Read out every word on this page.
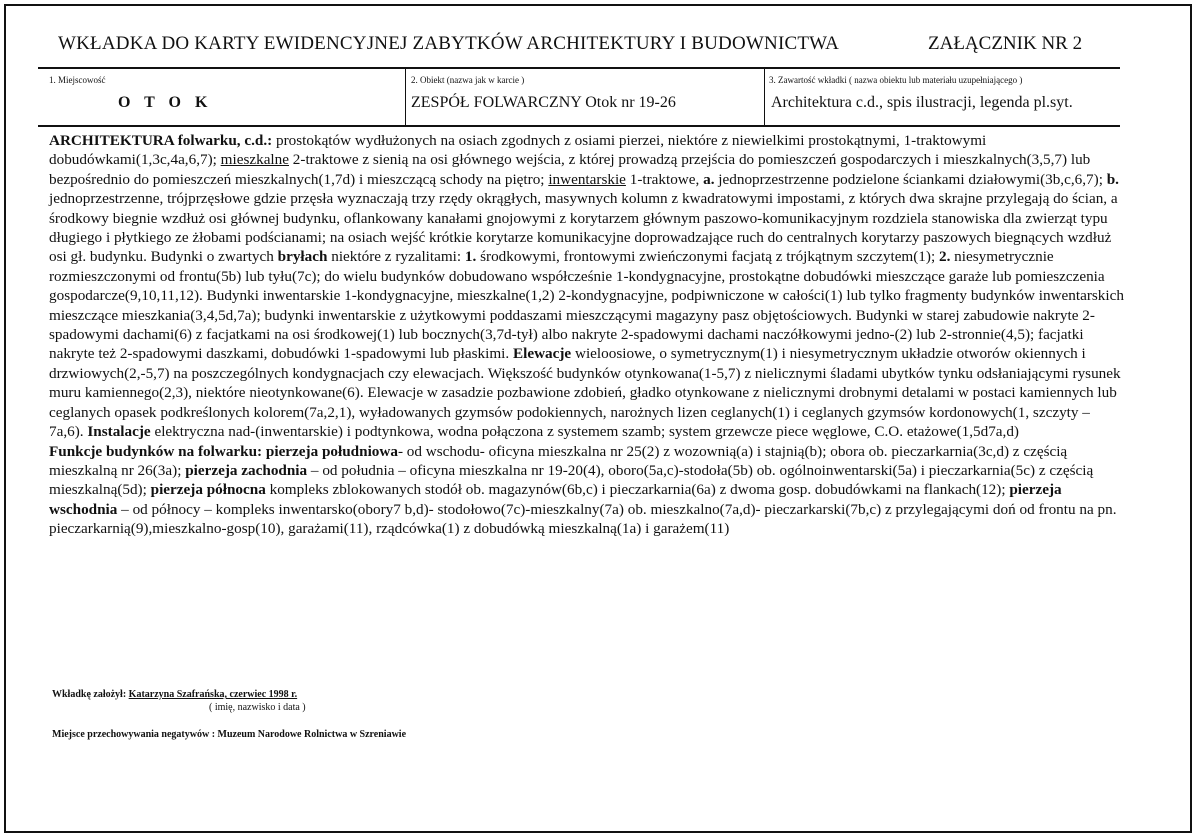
WKŁADKA DO KARTY EWIDENCYJNEJ ZABYTKÓW ARCHITEKTURY I BUDOWNICTWA	ZAŁĄCZNIK NR 2
1. Miejscowość
O T O K
2. Obiekt (nazwa jak w karcie )
ZESPÓŁ FOLWARCZNY Otok nr 19-26
3. Zawartość wkładki ( nazwa obiektu lub materiału uzupełniającego )
Architektura c.d., spis ilustracji, legenda pl.syt.

ARCHITEKTURA folwarku, c.d.: prostokątów wydłużonych na osiach zgodnych z osiami pierzei, niektóre z niewielkimi prostokątnymi, 1-traktowymi dobudówkami(1,3c,4a,6,7); mieszkalne 2-traktowe z sienią na osi głównego wejścia, z której prowadzą przejścia do pomieszczeń gospodarczych i mieszkalnych(3,5,7) lub bezpośrednio do pomieszczeń mieszkalnych(1,7d) i mieszczącą schody na piętro; inwentarskie 1-traktowe, a. jednoprzestrzenne podzielone ściankami działowymi(3b,c,6,7); b. jednoprzestrzenne, trójprzęsłowe gdzie przęsła wyznaczają trzy rzędy okrągłych, masywnych kolumn z kwadratowymi impostami, z których dwa skrajne przylegają do ścian, a środkowy biegnie wzdłuż osi głównej budynku, oflankowany kanałami gnojowymi z korytarzem głównym paszowo-komunikacyjnym rozdziela stanowiska dla zwierząt typu długiego i płytkiego ze żłobami podścianami; na osiach wejść krótkie korytarze komunikacyjne doprowadzające ruch do centralnych korytarzy paszowych biegnących wzdłuż osi gł. budynku. Budynki o zwartych bryłach niektóre z ryzalitami: 1. środkowymi, frontowymi zwieńczonymi facjatą z trójkątnym szczytem(1); 2. niesymetrycznie rozmieszczonymi od frontu(5b) lub tyłu(7c); do wielu budynków dobudowano współcześnie 1-kondygnacyjne, prostokątne dobudówki mieszczące garaże lub pomieszczenia gospodarcze(9,10,11,12). Budynki inwentarskie 1-kondygnacyjne, mieszkalne(1,2) 2-kondygnacyjne, podpiwniczone w całości(1) lub tylko fragmenty budynków inwentarskich mieszczące mieszkania(3,4,5d,7a); budynki inwentarskie z użytkowymi poddaszami mieszczącymi magazyny pasz objętościowych. Budynki w starej zabudowie nakryte 2-spadowymi dachami(6) z facjatkami na osi środkowej(1) lub bocznych(3,7d-tył) albo nakryte 2-spadowymi dachami naczółkowymi jedno-(2) lub 2-stronnie(4,5); facjatki nakryte też 2-spadowymi daszkami, dobudówki 1-spadowymi lub płaskimi. Elewacje wieloosiowe, o symetrycznym(1) i niesymetrycznym układzie otworów okiennych i drzwiowych(2,-5,7) na poszczególnych kondygnacjach czy elewacjach. Większość budynków otynkowana(1-5,7) z nielicznymi śladami ubytków tynku odsłaniającymi rysunek muru kamiennego(2,3), niektóre nieotynkowane(6). Elewacje w zasadzie pozbawione zdobień, gładko otynkowane z nielicznymi drobnymi detalami w postaci kamiennych lub ceglanych opasek podkreślonych kolorem(7a,2,1), wyładowanych gzymsów podokiennych, narożnych lizen ceglanych(1) i ceglanych gzymsów kordonowych(1, szczyty –7a,6). Instalacje elektryczna nad-(inwentarskie) i podtynkowa, wodna połączona z systemem szamb; system grzewcze piece węglowe, C.O. etażowe(1,5d7a,d)

Funkcje budynków na folwarku: pierzeja południowa- od wschodu- oficyna mieszkalna nr 25(2) z wozownią(a) i stajnią(b); obora ob. pieczarkarnia(3c,d) z częścią mieszkalną nr 26(3a); pierzeja zachodnia – od południa – oficyna mieszkalna nr 19-20(4), oboro(5a,c)-stodoła(5b) ob. ogólnoinwentarski(5a) i pieczarkarnia(5c) z częścią mieszkalną(5d); pierzeja północna kompleks zblokowanych stodół ob. magazynów(6b,c) i pieczarkarnia(6a) z dwoma gosp. dobudówkami na flankach(12); pierzeja wschodnia – od północy – kompleks inwentarsko(obory7 b,d)- stodołowo(7c)-mieszkalny(7a) ob. mieszkalno(7a,d)- pieczarkarski(7b,c) z przylegającymi doń od frontu na pn. pieczarkarnią(9),mieszkalno-gosp(10), garażami(11), rządcówka(1) z dobudówką mieszkalną(1a) i garażem(11)

Wkładkę założył: Katarzyna Szafrańska, czerwiec 1998 r.
( imię, nazwisko i data )
Miejsce przechowywania negatywów : Muzeum Narodowe Rolnictwa w Szreniawie
